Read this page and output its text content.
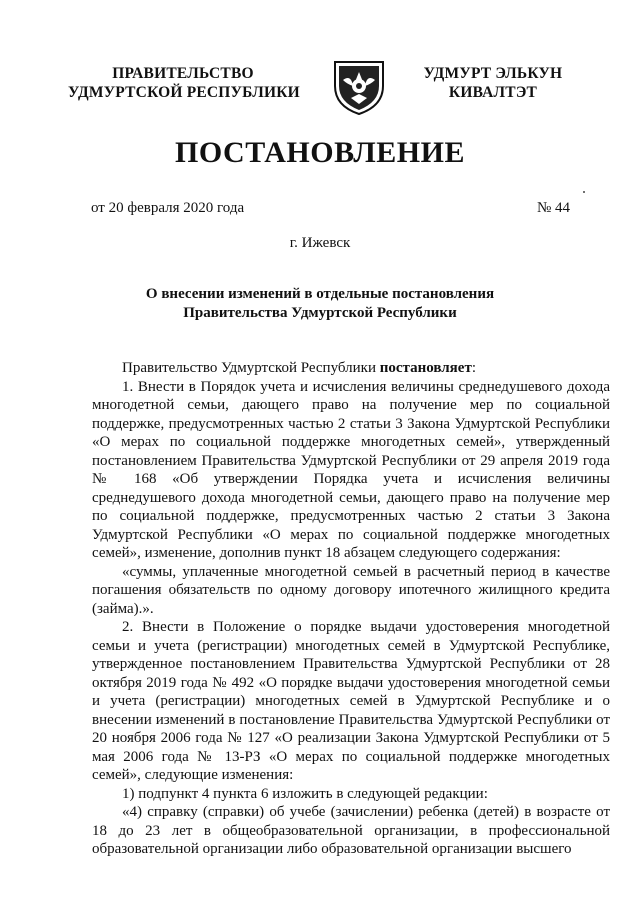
ПРАВИТЕЛЬСТВО
УДМУРТСКОЙ РЕСПУБЛИКИ
УДМУРТ ЭЛЬКУН
КИВАЛТЭТ
ПОСТАНОВЛЕНИЕ
от 20 февраля 2020 года	№ 44
г. Ижевск
О внесении изменений в отдельные постановления
Правительства Удмуртской Республики

Правительство Удмуртской Республики постановляет:

1. Внести в Порядок учета и исчисления величины среднедушевого дохода многодетной семьи, дающего право на получение мер по социальной поддержке, предусмотренных частью 2 статьи 3 Закона Удмуртской Республики «О мерах по социальной поддержке многодетных семей», утвержденный постановлением Правительства Удмуртской Республики от 29 апреля 2019 года № 168 «Об утверждении Порядка учета и исчисления величины среднедушевого дохода многодетной семьи, дающего право на получение мер по социальной поддержке, предусмотренных частью 2 статьи 3 Закона Удмуртской Республики «О мерах по социальной поддержке многодетных семей», изменение, дополнив пункт 18 абзацем следующего содержания:

«суммы, уплаченные многодетной семьей в расчетный период в качестве погашения обязательств по одному договору ипотечного жилищного кредита (займа).».

2. Внести в Положение о порядке выдачи удостоверения многодетной семьи и учета (регистрации) многодетных семей в Удмуртской Республике, утвержденное постановлением Правительства Удмуртской Республики от 28 октября 2019 года № 492 «О порядке выдачи удостоверения многодетной семьи и учета (регистрации) многодетных семей в Удмуртской Республике и о внесении изменений в постановление Правительства Удмуртской Республики от 20 ноября 2006 года № 127 «О реализации Закона Удмуртской Республики от 5 мая 2006 года № 13-РЗ «О мерах по социальной поддержке многодетных семей», следующие изменения:

1) подпункт 4 пункта 6 изложить в следующей редакции:

«4) справку (справки) об учебе (зачислении) ребенка (детей) в возрасте от 18 до 23 лет в общеобразовательной организации, в профессиональной образовательной организации либо образовательной организации высшего
